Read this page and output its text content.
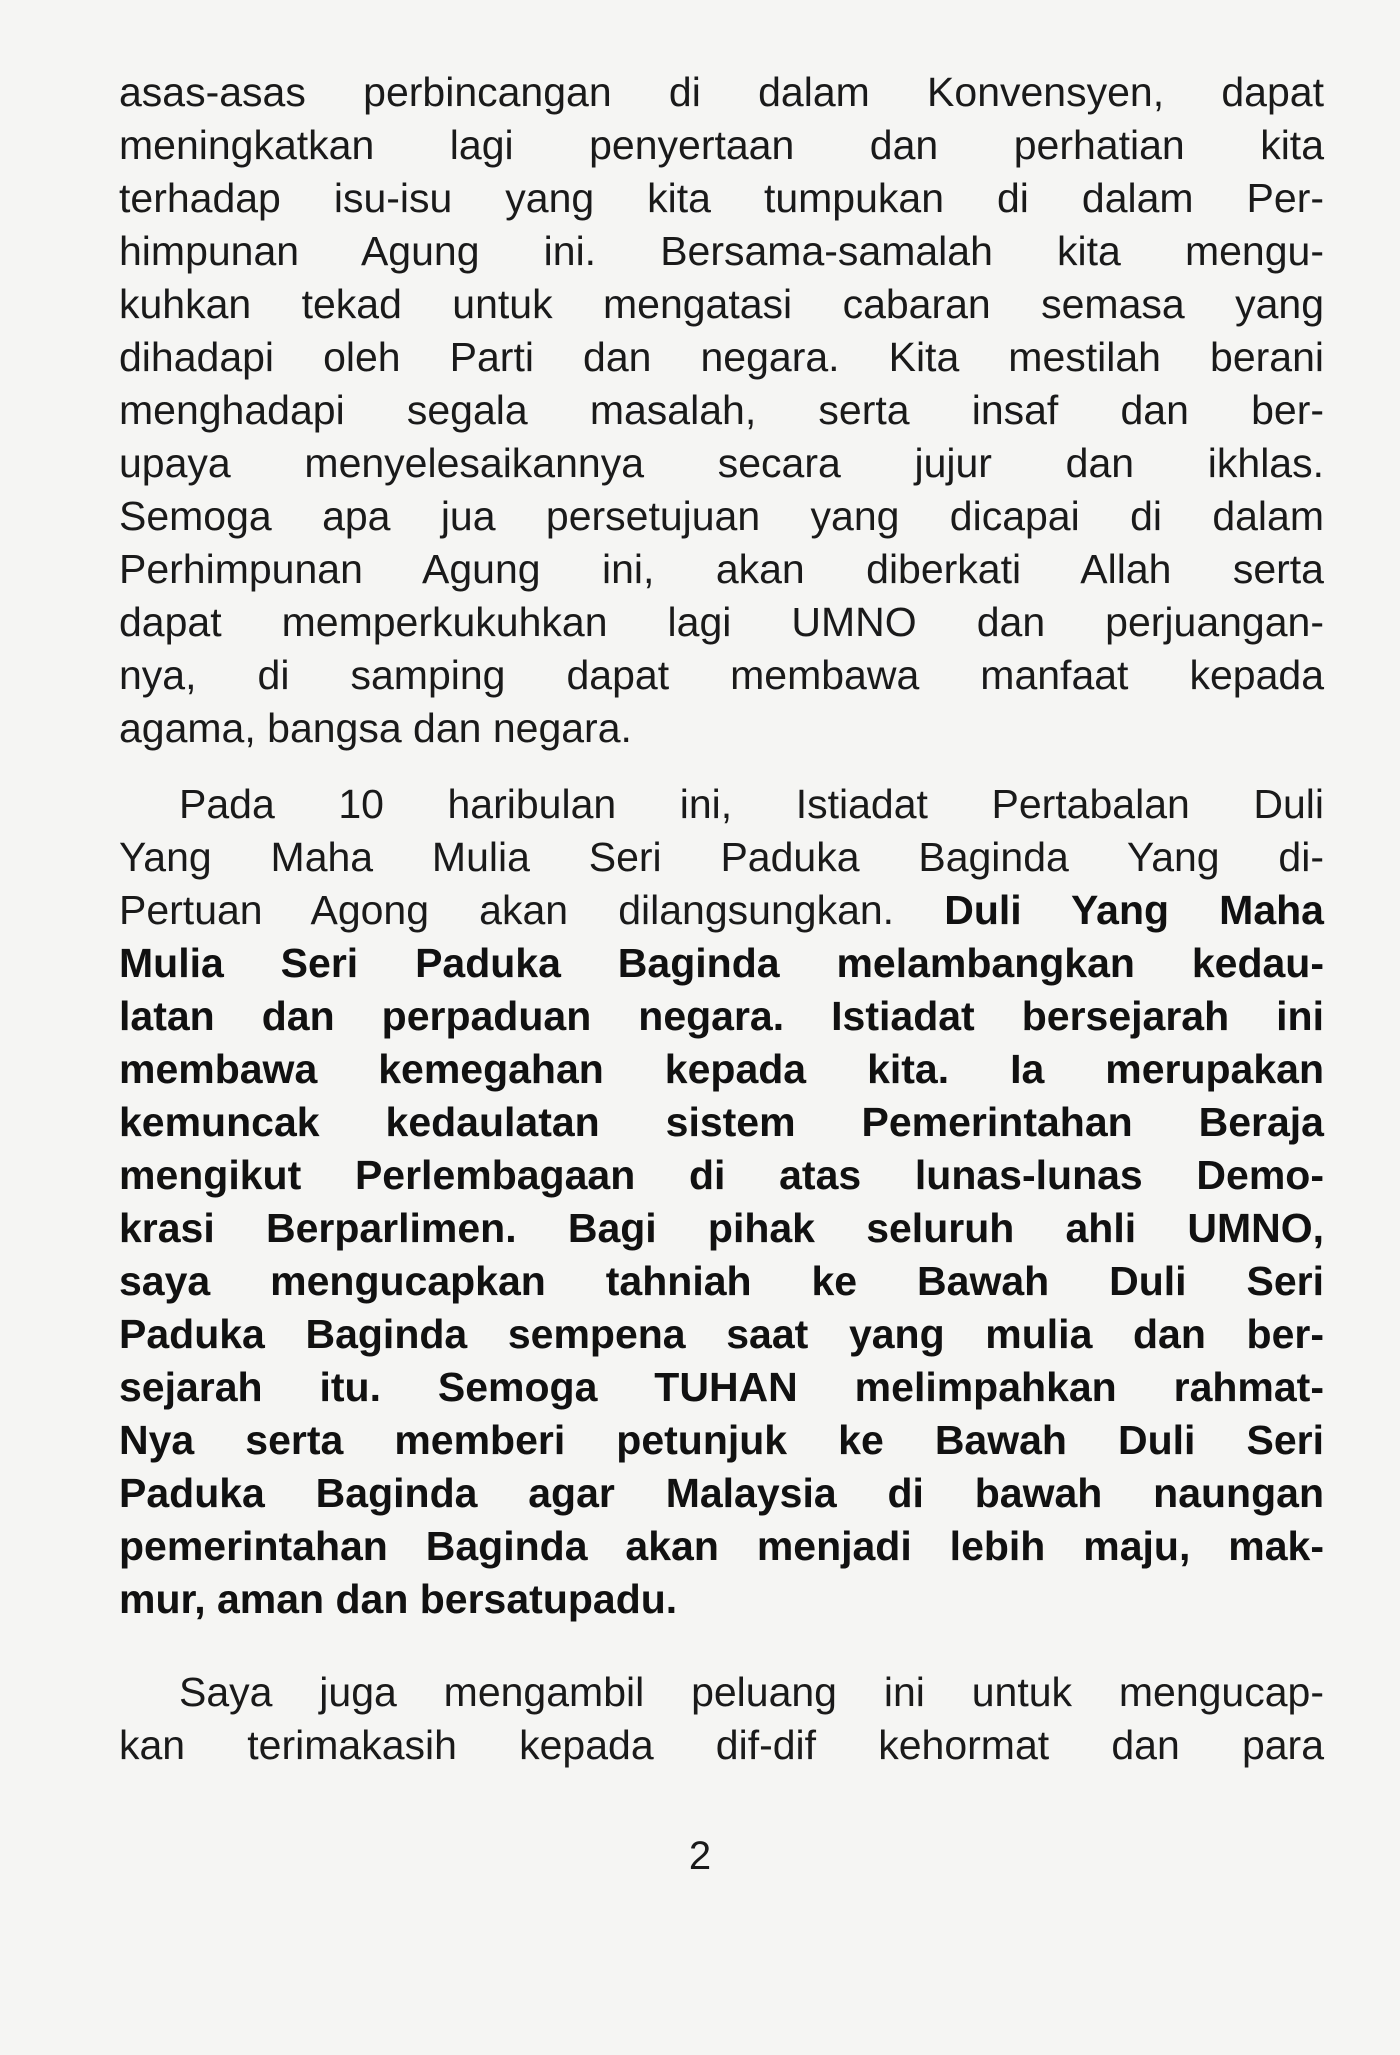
asas-asas perbincangan di dalam Konvensyen, dapat
meningkatkan lagi penyertaan dan perhatian kita
terhadap isu-isu yang kita tumpukan di dalam Per-
himpunan Agung ini. Bersama-samalah kita mengu-
kuhkan tekad untuk mengatasi cabaran semasa yang
dihadapi oleh Parti dan negara. Kita mestilah berani
menghadapi segala masalah, serta insaf dan ber-
upaya menyelesaikannya secara jujur dan ikhlas.
Semoga apa jua persetujuan yang dicapai di dalam
Perhimpunan Agung ini, akan diberkati Allah serta
dapat memperkukuhkan lagi UMNO dan perjuangan-
nya, di samping dapat membawa manfaat kepada
agama, bangsa dan negara.
Pada 10 haribulan ini, Istiadat Pertabalan Duli
Yang Maha Mulia Seri Paduka Baginda Yang di-
Pertuan Agong akan dilangsungkan. Duli Yang Maha
Mulia Seri Paduka Baginda melambangkan kedau-
latan dan perpaduan negara. Istiadat bersejarah ini
membawa kemegahan kepada kita. Ia merupakan
kemuncak kedaulatan sistem Pemerintahan Beraja
mengikut Perlembagaan di atas lunas-lunas Demo-
krasi Berparlimen. Bagi pihak seluruh ahli UMNO,
saya mengucapkan tahniah ke Bawah Duli Seri
Paduka Baginda sempena saat yang mulia dan ber-
sejarah itu. Semoga TUHAN melimpahkan rahmat-
Nya serta memberi petunjuk ke Bawah Duli Seri
Paduka Baginda agar Malaysia di bawah naungan
pemerintahan Baginda akan menjadi lebih maju, mak-
mur, aman dan bersatupadu.
Saya juga mengambil peluang ini untuk mengucap-
kan terimakasih kepada dif-dif kehormat dan para
2
